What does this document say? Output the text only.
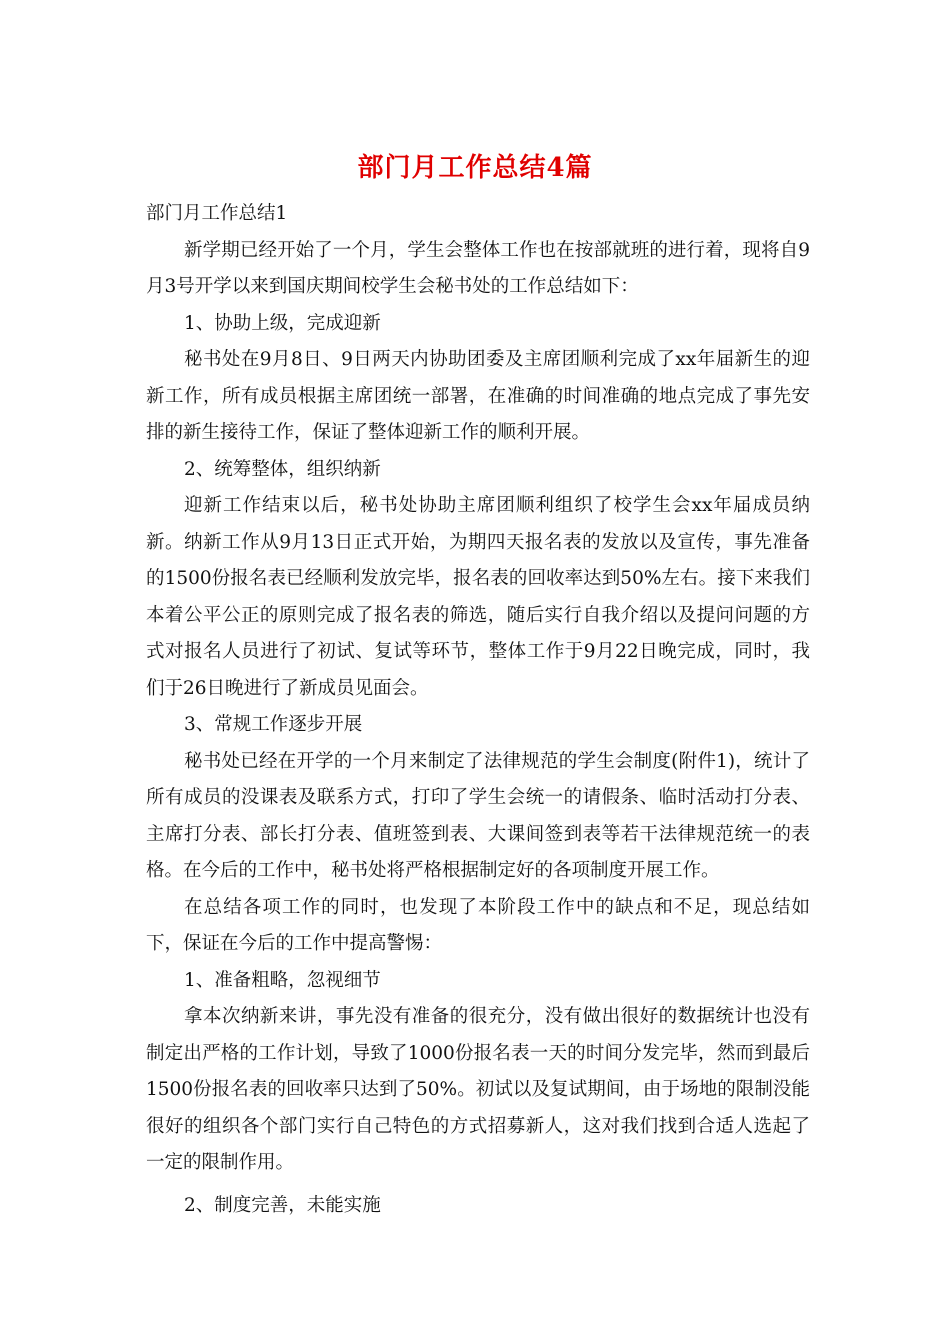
部门月工作总结4篇

部门月工作总结1

新学期已经开始了一个月，学生会整体工作也在按部就班的进行着，现将自9月3号开学以来到国庆期间校学生会秘书处的工作总结如下：

1、协助上级，完成迎新

秘书处在9月8日、9日两天内协助团委及主席团顺利完成了xx年届新生的迎新工作，所有成员根据主席团统一部署，在准确的时间准确的地点完成了事先安排的新生接待工作，保证了整体迎新工作的顺利开展。

2、统筹整体，组织纳新

迎新工作结束以后，秘书处协助主席团顺利组织了校学生会xx年届成员纳新。纳新工作从9月13日正式开始，为期四天报名表的发放以及宣传，事先准备的1500份报名表已经顺利发放完毕，报名表的回收率达到50%左右。接下来我们本着公平公正的原则完成了报名表的筛选，随后实行自我介绍以及提问问题的方式对报名人员进行了初试、复试等环节，整体工作于9月22日晚完成，同时，我们于26日晚进行了新成员见面会。

3、常规工作逐步开展

秘书处已经在开学的一个月来制定了法律规范的学生会制度(附件1)，统计了所有成员的没课表及联系方式，打印了学生会统一的请假条、临时活动打分表、主席打分表、部长打分表、值班签到表、大课间签到表等若干法律规范统一的表格。在今后的工作中，秘书处将严格根据制定好的各项制度开展工作。

在总结各项工作的同时，也发现了本阶段工作中的缺点和不足，现总结如下，保证在今后的工作中提高警惕：

1、准备粗略，忽视细节

拿本次纳新来讲，事先没有准备的很充分，没有做出很好的数据统计也没有制定出严格的工作计划，导致了1000份报名表一天的时间分发完毕，然而到最后1500份报名表的回收率只达到了50%。初试以及复试期间，由于场地的限制没能很好的组织各个部门实行自己特色的方式招募新人，这对我们找到合适人选起了一定的限制作用。

2、制度完善，未能实施
